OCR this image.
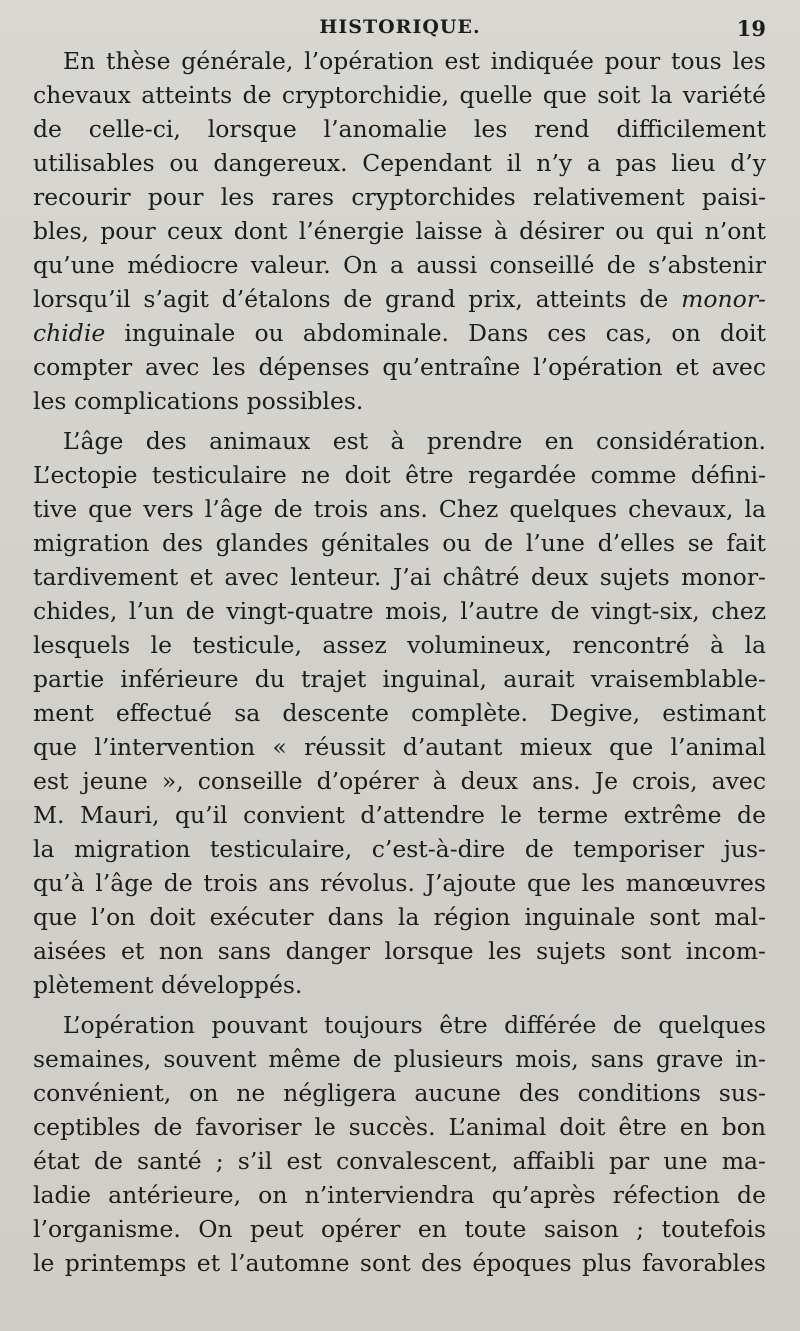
HISTORIQUE.	19
En thèse générale, l’opération est indiquée pour tous les
chevaux atteints de cryptorchidie, quelle que soit la variété
de celle-ci, lorsque l’anomalie les rend difficilement
utilisables ou dangereux. Cependant il n’y a pas lieu d’y
recourir pour les rares cryptorchides relativement paisi-
bles, pour ceux dont l’énergie laisse à désirer ou qui n’ont
qu’une médiocre valeur. On a aussi conseillé de s’abstenir
lorsqu’il s’agit d’étalons de grand prix, atteints de monor-
chidie inguinale ou abdominale. Dans ces cas, on doit
compter avec les dépenses qu’entraîne l’opération et avec
les complications possibles.
L’âge des animaux est à prendre en considération.
L’ectopie testiculaire ne doit être regardée comme défini-
tive que vers l’âge de trois ans. Chez quelques chevaux, la
migration des glandes génitales ou de l’une d’elles se fait
tardivement et avec lenteur. J’ai châtré deux sujets monor-
chides, l’un de vingt-quatre mois, l’autre de vingt-six, chez
lesquels le testicule, assez volumineux, rencontré à la
partie inférieure du trajet inguinal, aurait vraisemblable-
ment effectué sa descente complète. Degive, estimant
que l’intervention « réussit d’autant mieux que l’animal
est jeune », conseille d’opérer à deux ans. Je crois, avec
M. Mauri, qu’il convient d’attendre le terme extrême de
la migration testiculaire, c’est-à-dire de temporiser jus-
qu’à l’âge de trois ans révolus. J’ajoute que les manœuvres
que l’on doit exécuter dans la région inguinale sont mal-
aisées et non sans danger lorsque les sujets sont incom-
plètement développés.
L’opération pouvant toujours être différée de quelques
semaines, souvent même de plusieurs mois, sans grave in-
convénient, on ne négligera aucune des conditions sus-
ceptibles de favoriser le succès. L’animal doit être en bon
état de santé ; s’il est convalescent, affaibli par une ma-
ladie antérieure, on n’interviendra qu’après réfection de
l’organisme. On peut opérer en toute saison ; toutefois
le printemps et l’automne sont des époques plus favorables
